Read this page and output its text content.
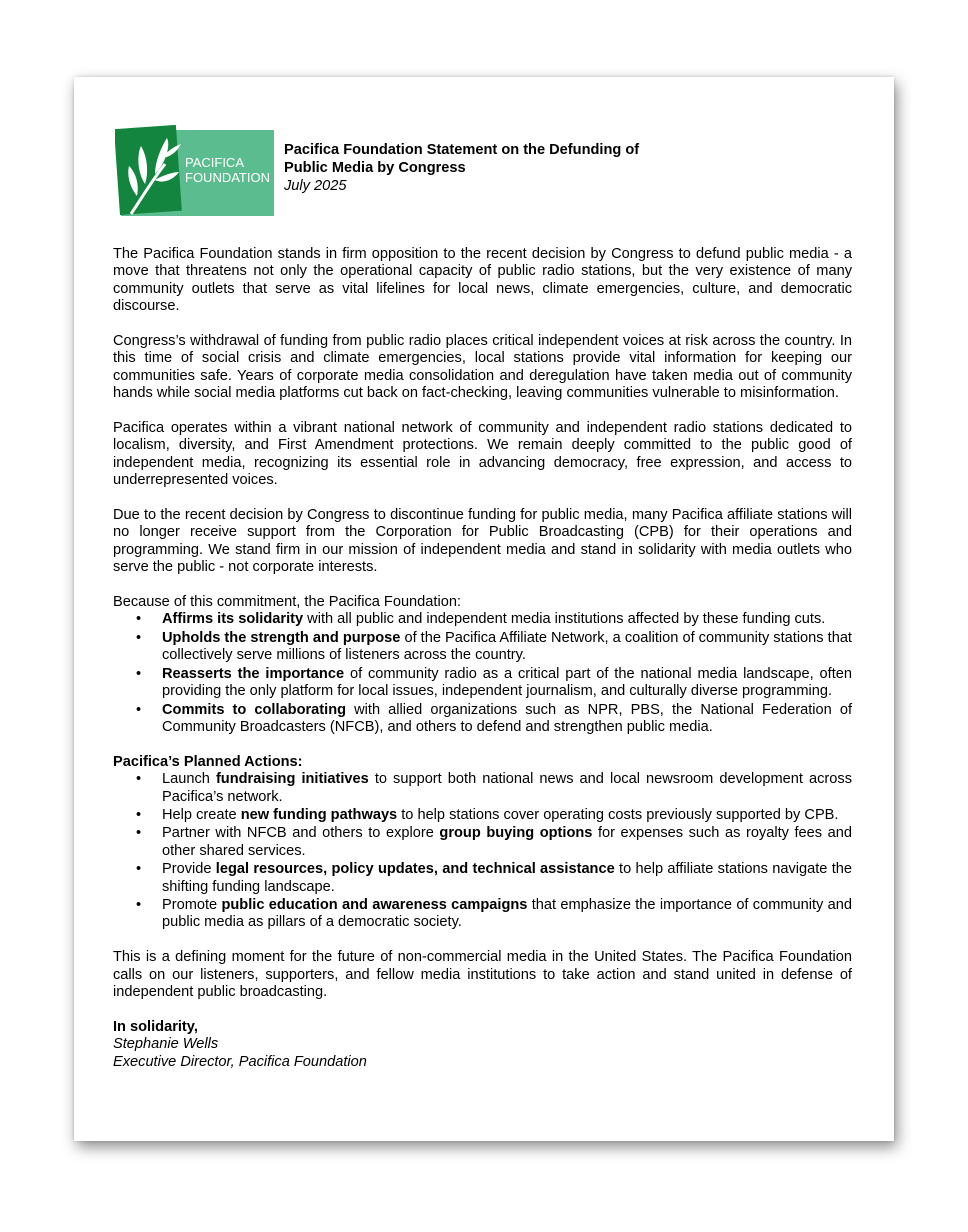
PACIFICA
FOUNDATION
Pacifica Foundation Statement on the Defunding of Public Media by Congress
July 2025

The Pacifica Foundation stands in firm opposition to the recent decision by Congress to defund public media - a move that threatens not only the operational capacity of public radio stations, but the very existence of many community outlets that serve as vital lifelines for local news, climate emergencies, culture, and democratic discourse.

Congress’s withdrawal of funding from public radio places critical independent voices at risk across the country. In this time of social crisis and climate emergencies, local stations provide vital information for keeping our communities safe. Years of corporate media consolidation and deregulation have taken media out of community hands while social media platforms cut back on fact-checking, leaving communities vulnerable to misinformation.

Pacifica operates within a vibrant national network of community and independent radio stations dedicated to localism, diversity, and First Amendment protections. We remain deeply committed to the public good of independent media, recognizing its essential role in advancing democracy, free expression, and access to underrepresented voices.

Due to the recent decision by Congress to discontinue funding for public media, many Pacifica affiliate stations will no longer receive support from the Corporation for Public Broadcasting (CPB) for their operations and programming. We stand firm in our mission of independent media and stand in solidarity with media outlets who serve the public - not corporate interests.

Because of this commitment, the Pacifica Foundation:

• Affirms its solidarity with all public and independent media institutions affected by these funding cuts.
• Upholds the strength and purpose of the Pacifica Affiliate Network, a coalition of community stations that collectively serve millions of listeners across the country.
• Reasserts the importance of community radio as a critical part of the national media landscape, often providing the only platform for local issues, independent journalism, and culturally diverse programming.
• Commits to collaborating with allied organizations such as NPR, PBS, the National Federation of Community Broadcasters (NFCB), and others to defend and strengthen public media.

Pacifica’s Planned Actions:

• Launch fundraising initiatives to support both national news and local newsroom development across Pacifica’s network.
• Help create new funding pathways to help stations cover operating costs previously supported by CPB.
• Partner with NFCB and others to explore group buying options for expenses such as royalty fees and other shared services.
• Provide legal resources, policy updates, and technical assistance to help affiliate stations navigate the shifting funding landscape.
• Promote public education and awareness campaigns that emphasize the importance of community and public media as pillars of a democratic society.

This is a defining moment for the future of non-commercial media in the United States. The Pacifica Foundation calls on our listeners, supporters, and fellow media institutions to take action and stand united in defense of independent public broadcasting.

In solidarity,
Stephanie Wells
Executive Director, Pacifica Foundation
